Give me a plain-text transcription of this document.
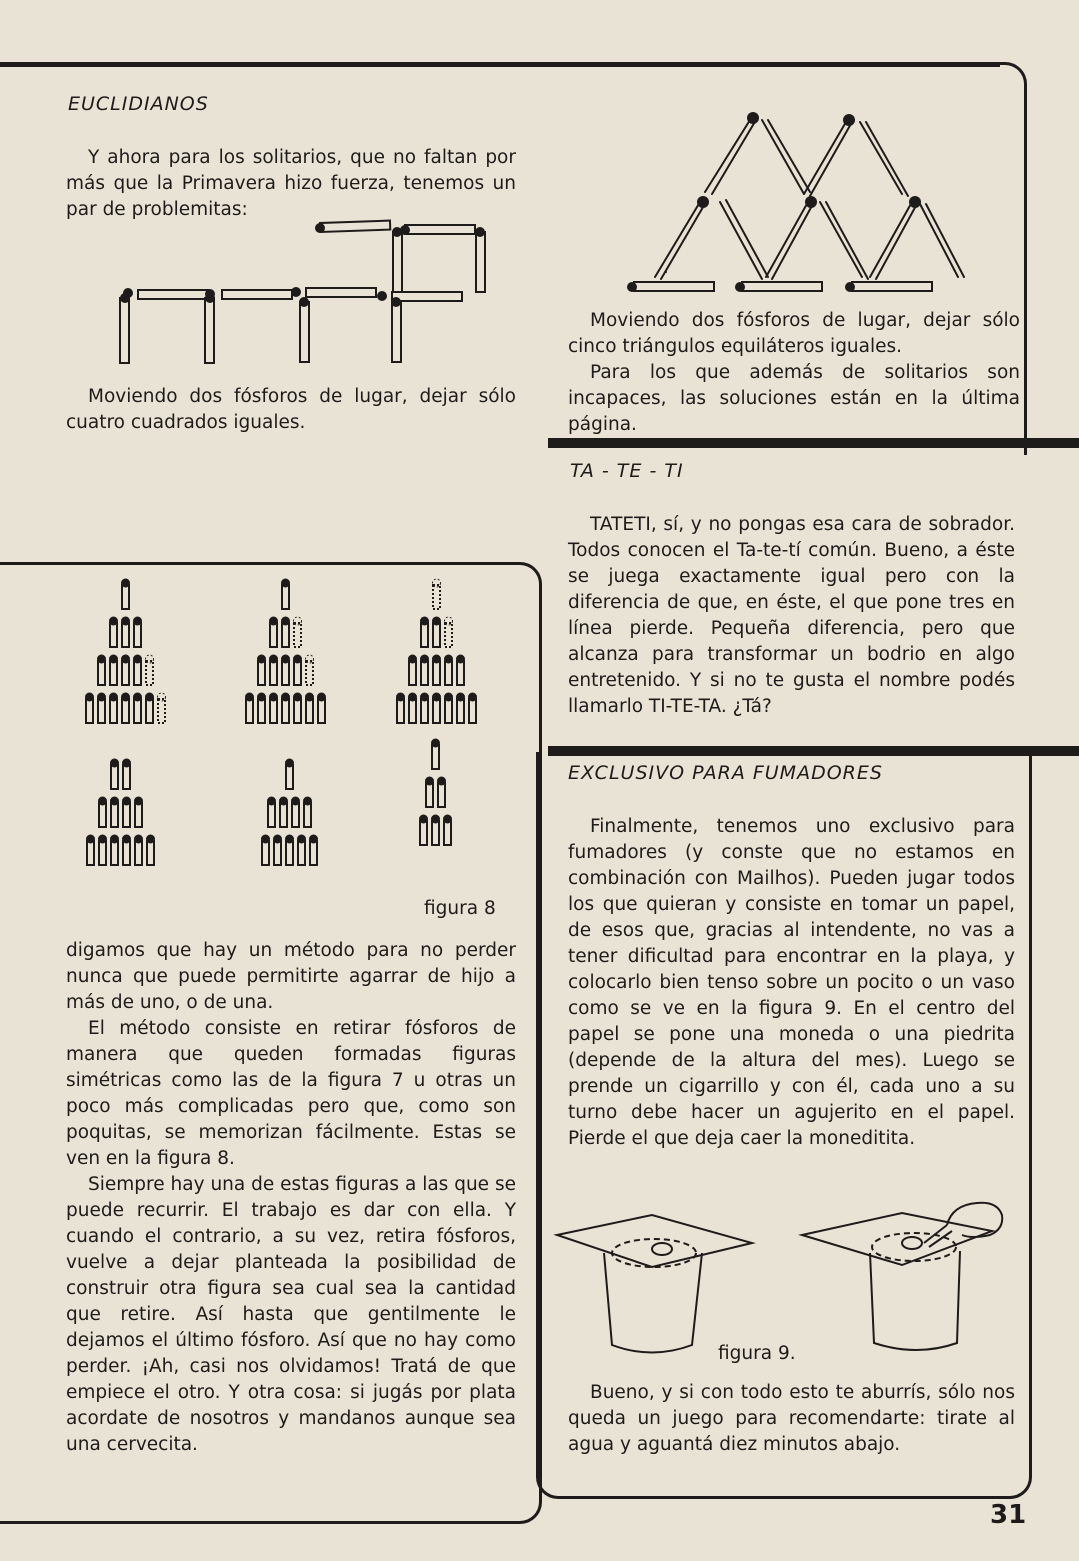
EUCLIDIANOS

Y ahora para los solitarios, que no faltan por más que la Primavera hizo fuerza, tenemos un par de problemitas:

Moviendo dos fósforos de lugar, dejar sólo cuatro cuadrados iguales.

Moviendo dos fósforos de lugar, dejar sólo cinco triángulos equiláteros iguales.

Para los que además de solitarios son incapaces, las soluciones están en la última página.

TA - TE - TI

TATETI, sí, y no pongas esa cara de sobrador. Todos conocen el Ta-te-tí común. Bueno, a éste se juega exactamente igual pero con la diferencia de que, en éste, el que pone tres en línea pierde. Pequeña diferencia, pero que alcanza para transformar un bodrio en algo entretenido. Y si no te gusta el nombre podés llamarlo TI-TE-TA. ¿Tá?

EXCLUSIVO PARA FUMADORES

Finalmente, tenemos uno exclusivo para fumadores (y conste que no estamos en combinación con Mailhos). Pueden jugar todos los que quieran y consiste en tomar un papel, de esos que, gracias al intendente, no vas a tener dificultad para encontrar en la playa, y colocarlo bien tenso sobre un pocito o un vaso como se ve en la figura 9. En el centro del papel se pone una moneda o una piedrita (depende de la altura del mes). Luego se prende un cigarrillo y con él, cada uno a su turno debe hacer un agujerito en el papel. Pierde el que deja caer la moneditita.

figura 9.

Bueno, y si con todo esto te aburrís, sólo nos queda un juego para recomendarte: tirate al agua y aguantá diez minutos abajo.

figura 8

digamos que hay un método para no perder nunca que puede permitirte agarrar de hijo a más de uno, o de una.

El método consiste en retirar fósforos de manera que queden formadas figuras simétricas como las de la figura 7 u otras un poco más complicadas pero que, como son poquitas, se memorizan fácilmente. Estas se ven en la figura 8.

Siempre hay una de estas figuras a las que se puede recurrir. El trabajo es dar con ella. Y cuando el contrario, a su vez, retira fósforos, vuelve a dejar planteada la posibilidad de construir otra figura sea cual sea la cantidad que retire. Así hasta que gentilmente le dejamos el último fósforo. Así que no hay como perder. ¡Ah, casi nos olvidamos! Tratá de que empiece el otro. Y otra cosa: si jugás por plata acordate de nosotros y mandanos aunque sea una cervecita.

31
